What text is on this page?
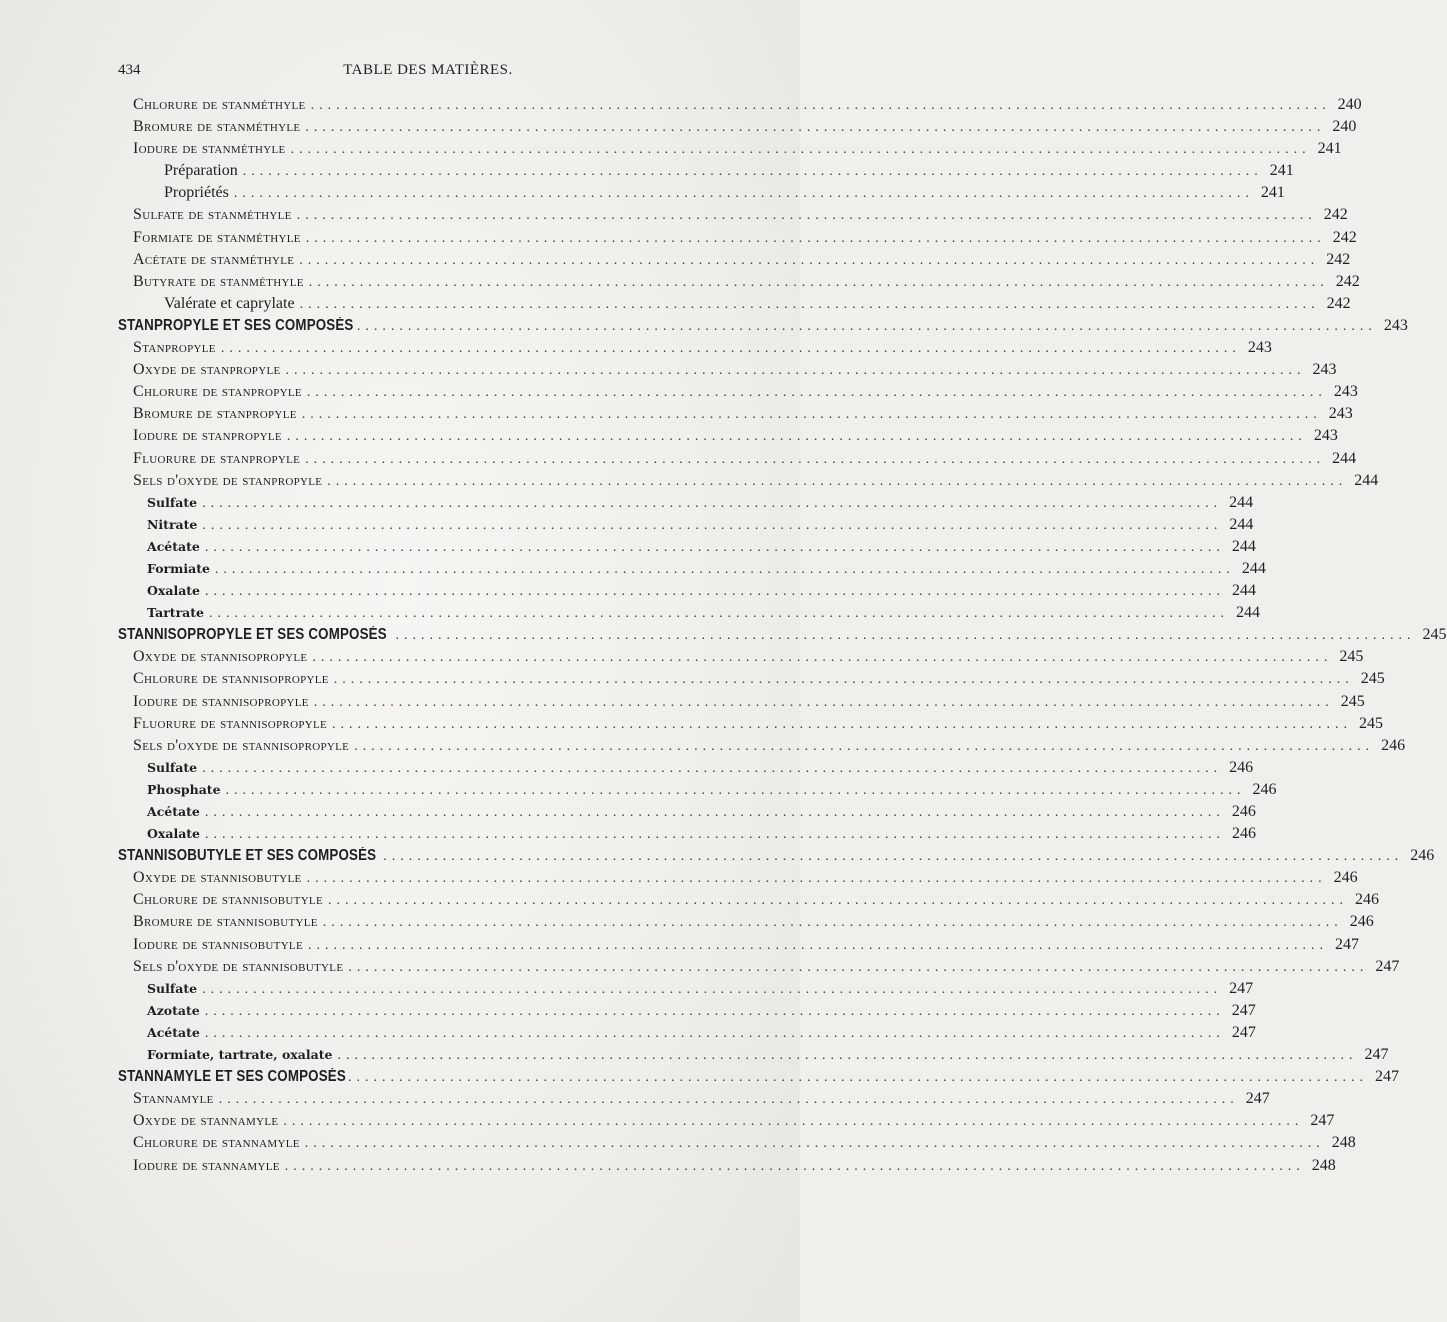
434	TABLE DES MATIÈRES.
Chlorure de stanméthyle ........................................................................................................................ 240
Bromure de stanméthyle ........................................................................................................................ 240
Iodure de stanméthyle ........................................................................................................................ 241
Préparation ........................................................................................................................ 241
Propriétés ........................................................................................................................ 241
Sulfate de stanméthyle ........................................................................................................................ 242
Formiate de stanméthyle ........................................................................................................................ 242
Acétate de stanméthyle ........................................................................................................................ 242
Butyrate de stanméthyle ........................................................................................................................ 242
Valérate et caprylate ........................................................................................................................ 242
STANPROPYLE ET SES COMPOSÉS ........................................................................................................................ 243
Stanpropyle ........................................................................................................................ 243
Oxyde de stanpropyle ........................................................................................................................ 243
Chlorure de stanpropyle ........................................................................................................................ 243
Bromure de stanpropyle ........................................................................................................................ 243
Iodure de stanpropyle ........................................................................................................................ 243
Fluorure de stanpropyle ........................................................................................................................ 244
Sels d'oxyde de stanpropyle ........................................................................................................................ 244
Sulfate ........................................................................................................................ 244
Nitrate ........................................................................................................................ 244
Acétate ........................................................................................................................ 244
Formiate ........................................................................................................................ 244
Oxalate ........................................................................................................................ 244
Tartrate ........................................................................................................................ 244
STANNISOPROPYLE ET SES COMPOSÉS ........................................................................................................................ 245
Oxyde de stannisopropyle ........................................................................................................................ 245
Chlorure de stannisopropyle ........................................................................................................................ 245
Iodure de stannisopropyle ........................................................................................................................ 245
Fluorure de stannisopropyle ........................................................................................................................ 245
Sels d'oxyde de stannisopropyle ........................................................................................................................ 246
Sulfate ........................................................................................................................ 246
Phosphate ........................................................................................................................ 246
Acétate ........................................................................................................................ 246
Oxalate ........................................................................................................................ 246
STANNISOBUTYLE ET SES COMPOSÉS ........................................................................................................................ 246
Oxyde de stannisobutyle ........................................................................................................................ 246
Chlorure de stannisobutyle ........................................................................................................................ 246
Bromure de stannisobutyle ........................................................................................................................ 246
Iodure de stannisobutyle ........................................................................................................................ 247
Sels d'oxyde de stannisobutyle ........................................................................................................................ 247
Sulfate ........................................................................................................................ 247
Azotate ........................................................................................................................ 247
Acétate ........................................................................................................................ 247
Formiate, tartrate, oxalate ........................................................................................................................ 247
STANNAMYLE ET SES COMPOSÉS ........................................................................................................................ 247
Stannamyle ........................................................................................................................ 247
Oxyde de stannamyle ........................................................................................................................ 247
Chlorure de stannamyle ........................................................................................................................ 248
Iodure de stannamyle ........................................................................................................................ 248
